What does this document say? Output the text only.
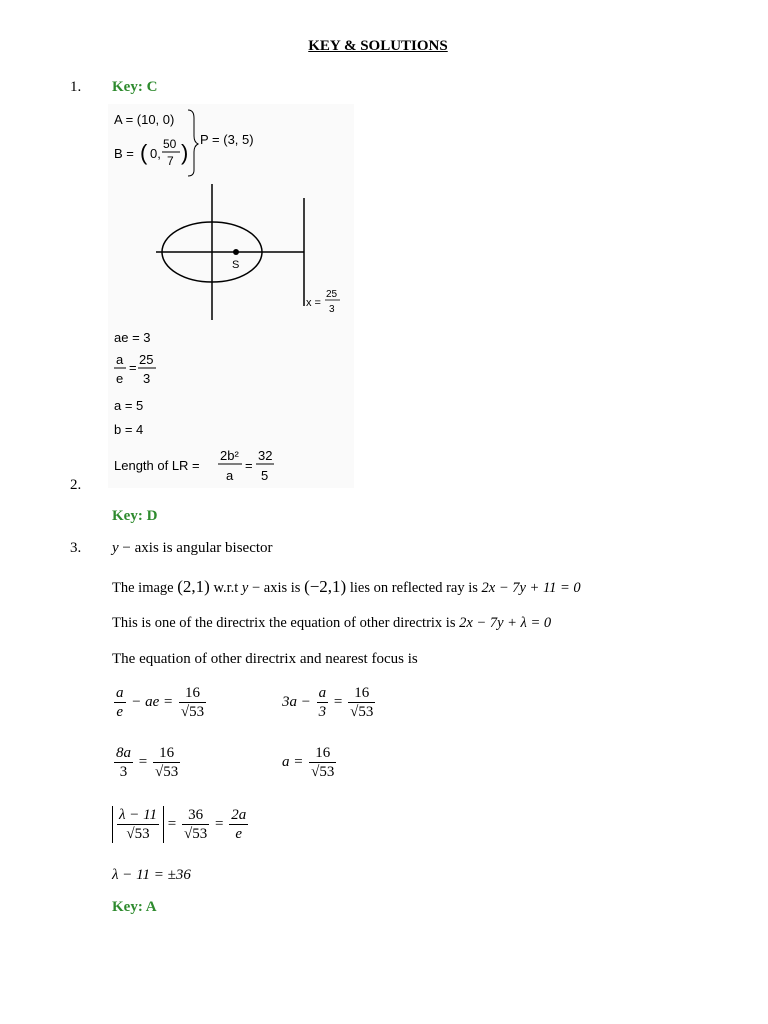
KEY & SOLUTIONS
1. Key: C
A = (10, 0)
B = ( 0,
50
7 )
P = (3, 5)
S
x =
25
3
ae = 3
a
e
=
25
3
a = 5
b = 4
Length of LR =
2b²
a
=
32
5
2.
Key: D
3. y − axis is angular bisector
The image (2,1) w.r.t y − axis is (−2,1) lies on reflected ray is 2x − 7y + 11 = 0
This is one of the directrix the equation of other directrix is 2x − 7y + λ = 0
The equation of other directrix and nearest focus is
$\frac{a}{e}$ − ae = $\frac{16}{√53}$	$3a - \frac{a}{3} = \frac{16}{√53}$
$\frac{8a}{3} = \frac{16}{√53}$	$a = \frac{16}{√53}$
$\frac{\lambda - 11}{√53} = \frac{36}{√53} = \frac{2a}{e}$
λ − 11 = ±36
Key: A
